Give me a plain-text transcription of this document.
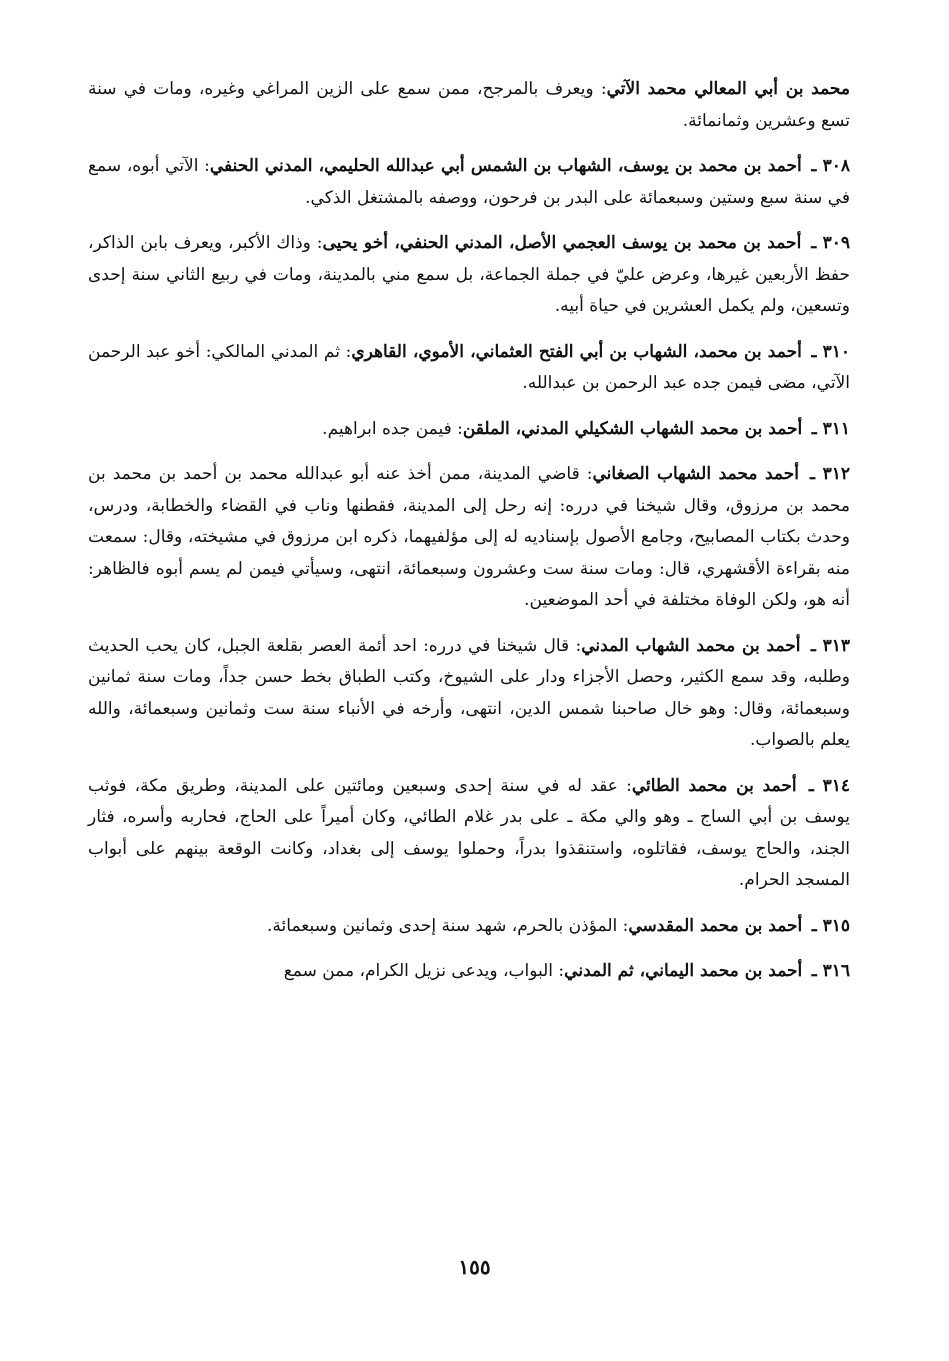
محمد بن أبي المعالي محمد الآتي: ويعرف بالمرجح، ممن سمع على الزين المراغي وغيره، ومات في سنة تسع وعشرين وثمانمائة.

٣٠٨ ـ أحمد بن محمد بن يوسف، الشهاب بن الشمس أبي عبدالله الحليمي، المدني الحنفي: الآتي أبوه، سمع في سنة سبع وستين وسبعمائة على البدر بن فرحون، ووصفه بالمشتغل الذكي.

٣٠٩ ـ أحمد بن محمد بن يوسف العجمي الأصل، المدني الحنفي، أخو يحيى: وذاك الأكبر، ويعرف بابن الذاكر، حفظ الأربعين غيرها، وعرض عليّ في جملة الجماعة، بل سمع مني بالمدينة، ومات في ربيع الثاني سنة إحدى وتسعين، ولم يكمل العشرين في حياة أبيه.

٣١٠ ـ أحمد بن محمد، الشهاب بن أبي الفتح العثماني، الأموي، القاهري: ثم المدني المالكي: أخو عبد الرحمن الآتي، مضى فيمن جده عبد الرحمن بن عبدالله.

٣١١ ـ أحمد بن محمد الشهاب الشكيلي المدني، الملقن: فيمن جده ابراهيم.

٣١٢ ـ أحمد محمد الشهاب الصغاني: قاضي المدينة، ممن أخذ عنه أبو عبدالله محمد بن أحمد بن محمد بن محمد بن مرزوق، وقال شيخنا في درره: إنه رحل إلى المدينة، فقطنها وناب في القضاء والخطابة، ودرس، وحدث بكتاب المصابيح، وجامع الأصول بإسناديه له إلى مؤلفيهما، ذكره ابن مرزوق في مشيخته، وقال: سمعت منه بقراءة الأقشهري، قال: ومات سنة ست وعشرون وسبعمائة، انتهى، وسيأتي فيمن لم يسم أبوه فالظاهر: أنه هو، ولكن الوفاة مختلفة في أحد الموضعين.

٣١٣ ـ أحمد بن محمد الشهاب المدني: قال شيخنا في درره: احد أئمة العصر بقلعة الجبل، كان يحب الحديث وطلبه، وقد سمع الكثير، وحصل الأجزاء ودار على الشيوخ، وكتب الطباق بخط حسن جداً، ومات سنة ثمانين وسبعمائة، وقال: وهو خال صاحبنا شمس الدين، انتهى، وأرخه في الأنباء سنة ست وثمانين وسبعمائة، والله يعلم بالصواب.

٣١٤ ـ أحمد بن محمد الطائي: عقد له في سنة إحدى وسبعين ومائتين على المدينة، وطريق مكة، فوثب يوسف بن أبي الساج ـ وهو والي مكة ـ على بدر غلام الطائي، وكان أميراً على الحاج، فحاربه وأسره، فثار الجند، والحاج يوسف، فقاتلوه، واستنقذوا بدراً، وحملوا يوسف إلى بغداد، وكانت الوقعة بينهم على أبواب المسجد الحرام.

٣١٥ ـ أحمد بن محمد المقدسي: المؤذن بالحرم، شهد سنة إحدى وثمانين وسبعمائة.

٣١٦ ـ أحمد بن محمد اليماني، ثم المدني: البواب، ويدعى نزيل الكرام، ممن سمع

١٥٥
